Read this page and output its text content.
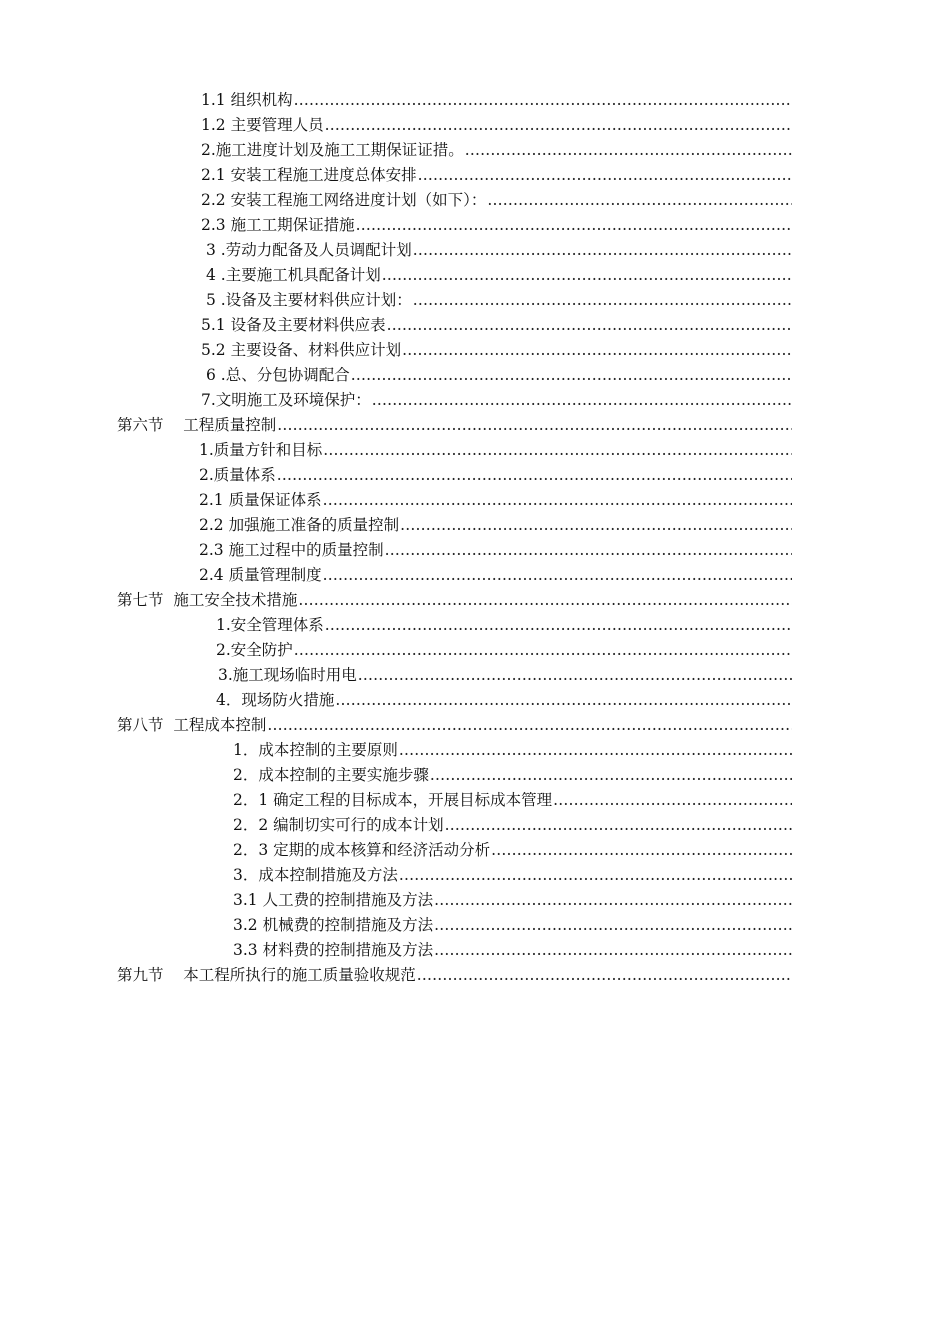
1.1 组织机构
.....
1.2 主要管理人员
.....
2.施工进度计划及施工工期保证证措。
.....
2.1 安装工程施工进度总体安排
.....
2.2 安装工程施工网络进度计划（如下）：
.....
2.3 施工工期保证措施
.....
3 .劳动力配备及人员调配计划
.....
4 .主要施工机具配备计划
.....
5 .设备及主要材料供应计划：
.....
5.1 设备及主要材料供应表
.....
5.2 主要设备、材料供应计划
.....
6 .总、分包协调配合
.....
7.文明施工及环境保护：
.....
第六节    工程质量控制
.....
1.质量方针和目标
.....
2.质量体系
.....
2.1 质量保证体系
.....
2.2 加强施工准备的质量控制
.....
2.3 施工过程中的质量控制
.....
2.4 质量管理制度
.....
第七节  施工安全技术措施
.....
1.安全管理体系
.....
2.安全防护
.....
3.施工现场临时用电
.....
4．现场防火措施
.....
第八节  工程成本控制
.....
1．成本控制的主要原则
.....
2．成本控制的主要实施步骤
.....
2．1 确定工程的目标成本，开展目标成本管理
.....
2．2 编制切实可行的成本计划
.....
2．3 定期的成本核算和经济活动分析
.....
3．成本控制措施及方法
.....
3.1 人工费的控制措施及方法
.....
3.2 机械费的控制措施及方法
.....
3.3 材料费的控制措施及方法
.....
第九节    本工程所执行的施工质量验收规范
.....
